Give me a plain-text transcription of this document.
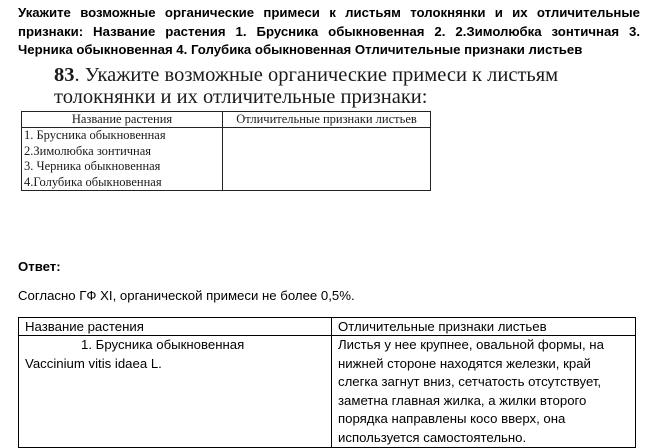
Укажите возможные органические примеси к листьям толокнянки и их отличительные признаки: Название растения 1. Брусника обыкновенная 2. 2.Зимолюбка зонтичная 3. Черника обыкновенная 4. Голубика обыкновенная Отличительные признаки листьев
83. Укажите возможные органические примеси к листьям толокнянки и их отличительные признаки:
Название растения	Отличительные признаки листьев

1. Брусника обыкновенная
2.Зимолюбка зонтичная
3. Черника обыкновенная
4.Голубика обыкновенная	

Ответ:
Согласно ГФ XI, органической примеси не более 0,5%.
Название растения	Отличительные признаки листьев

1. Брусника обыкновенная
Vaccinium vitis idaea L.	Листья у нее крупнее, овальной формы, на нижней стороне находятся железки, край слегка загнут вниз, сетчатость отсутствует, заметна главная жилка, а жилки второго порядка направлены косо вверх, она используется самостоятельно.
